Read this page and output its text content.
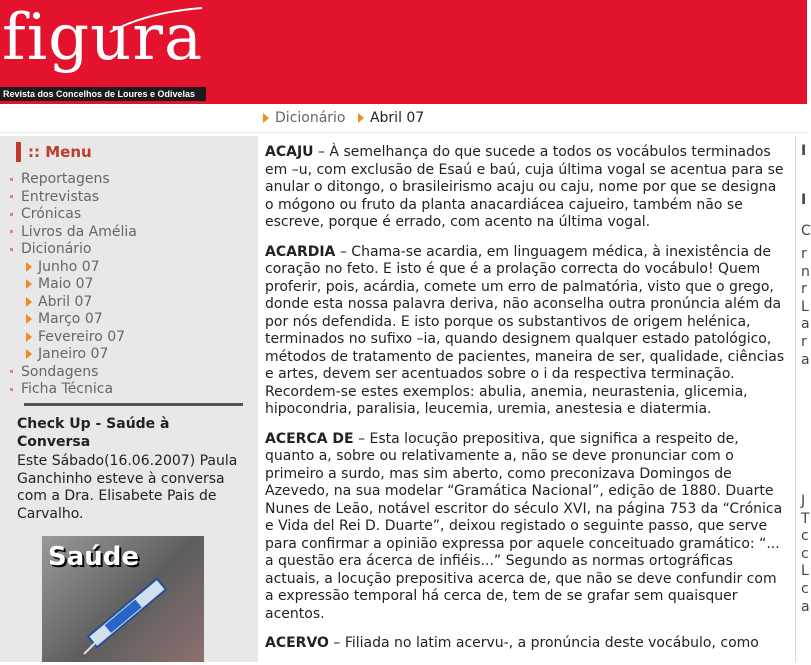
figura
Revista dos Concelhos de Loures e Odivelas
Dicionário Abril 07
:: Menu
Reportagens
Entrevistas
Crónicas
Livros da Amélia
Dicionário
Junho 07
Maio 07
Abril 07
Março 07
Fevereiro 07
Janeiro 07
Sondagens
Ficha Técnica
Check Up - Saúde à Conversa
Este Sábado(16.06.2007) Paula Ganchinho esteve à conversa com a Dra. Elisabete Pais de Carvalho.
Saúde

ACAJU – À semelhança do que sucede a todos os vocábulos terminados em –u, com exclusão de Esaú e baú, cuja última vogal se acentua para se anular o ditongo, o brasileirismo acaju ou caju, nome por que se designa o mógono ou fruto da planta anacardiácea cajueiro, também não se escreve, porque é errado, com acento na última vogal.

ACARDIA – Chama-se acardia, em linguagem médica, à inexistência de coração no feto. E isto é que é a prolação correcta do vocábulo! Quem proferir, pois, acárdia, comete um erro de palmatória, visto que o grego, donde esta nossa palavra deriva, não aconselha outra pronúncia além da por nós defendida. E isto porque os substantivos de origem helénica, terminados no sufixo –ia, quando designem qualquer estado patológico, métodos de tratamento de pacientes, maneira de ser, qualidade, ciências e artes, devem ser acentuados sobre o i da respectiva terminação. Recordem-se estes exemplos: abulia, anemia, neurastenia, glicemia, hipocondria, paralisia, leucemia, uremia, anestesia e diatermia.

ACERCA DE – Esta locução prepositiva, que significa a respeito de, quanto a, sobre ou relativamente a, não se deve pronunciar com o primeiro a surdo, mas sim aberto, como preconizava Domingos de Azevedo, na sua modelar “Gramática Nacional”, edição de 1880. Duarte Nunes de Leão, notável escritor do século XVI, na página 753 da “Crónica e Vida del Rei D. Duarte”, deixou registado o seguinte passo, que serve para confirmar a opinião expressa por aquele conceituado gramático: “... a questão era ácerca de infiéis...” Segundo as normas ortográficas actuais, a locução prepositiva acerca de, que não se deve confundir com a expressão temporal há cerca de, tem de se grafar sem quaisquer acentos.

ACERVO – Filiada no latim acervu-, a pronúncia deste vocábulo, como

I
I
C
r
n
r
L
a
r
a
J
T
c
c
L
c
a
